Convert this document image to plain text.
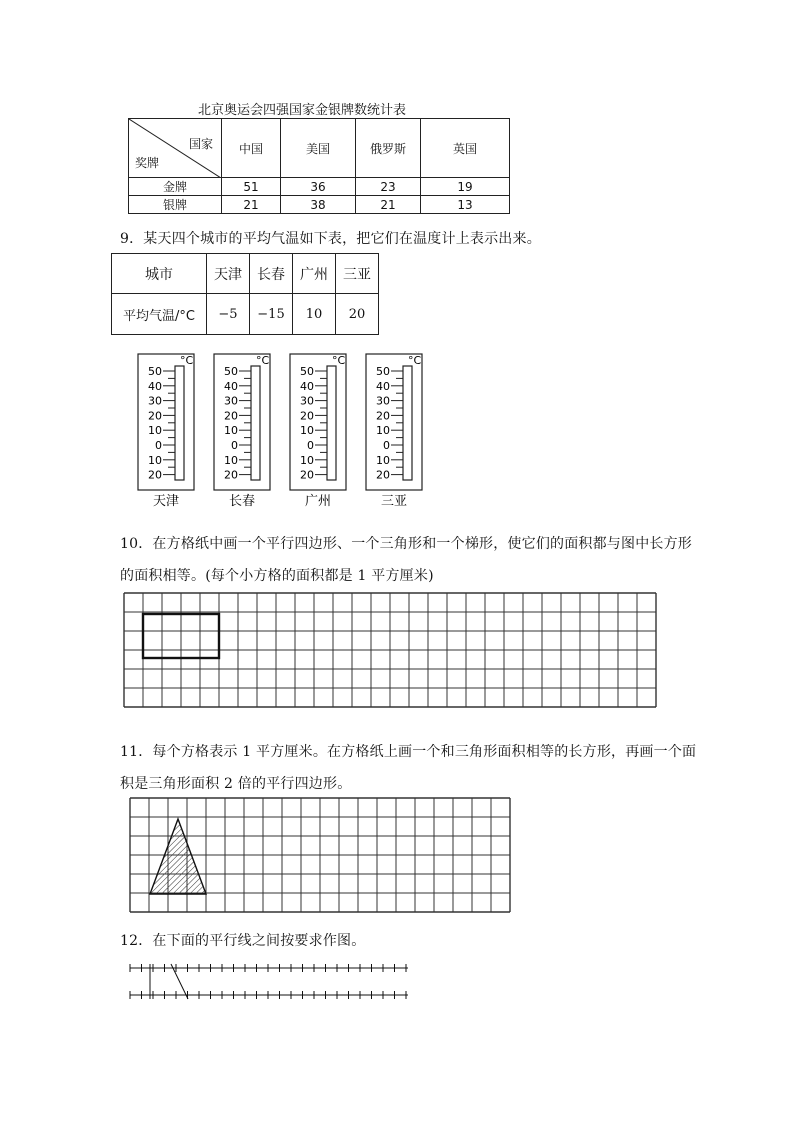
北京奥运会四强国家金银牌数统计表
国家
奖牌	中国	美国	俄罗斯	英国
金牌	51	36	23	19
银牌	21	38	21	13
9．某天四个城市的平均气温如下表，把它们在温度计上表示出来。
城市	天津	长春	广州	三亚
平均气温/°C	−5	−15	10	20
°C
50
40
30
20
10
0
10
20
天津
°C
50
40
30
20
10
0
10
20
长春
°C
50
40
30
20
10
0
10
20
广州
°C
50
40
30
20
10
0
10
20
三亚
10．在方格纸中画一个平行四边形、一个三角形和一个梯形，使它们的面积都与图中长方形
的面积相等。(每个小方格的面积都是 1 平方厘米)
11．每个方格表示 1 平方厘米。在方格纸上画一个和三角形面积相等的长方形，再画一个面
积是三角形面积 2 倍的平行四边形。
12．在下面的平行线之间按要求作图。
